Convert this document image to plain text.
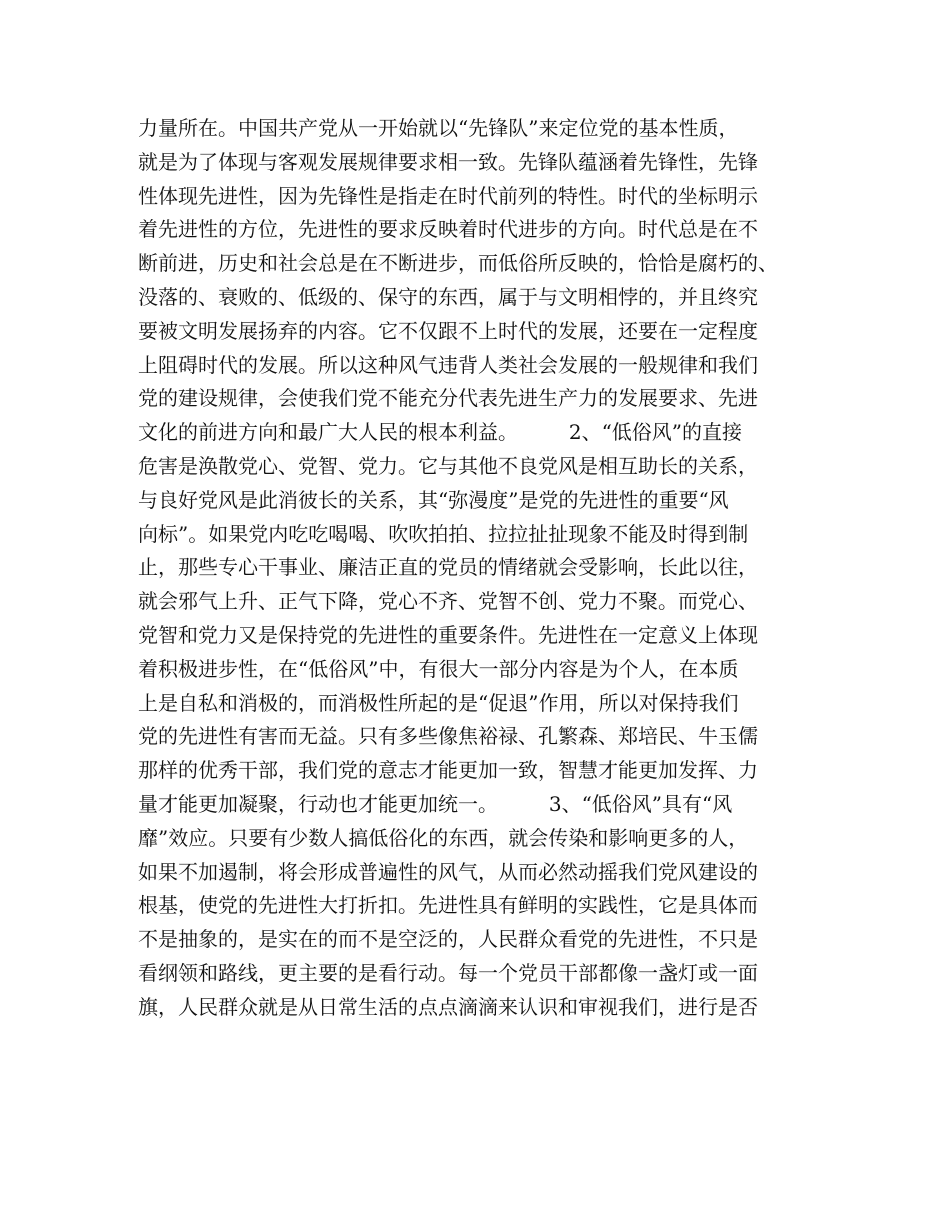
力量所在。中国共产党从一开始就以“先锋队”来定位党的基本性质，
就是为了体现与客观发展规律要求相一致。先锋队蕴涵着先锋性，先锋
性体现先进性，因为先锋性是指走在时代前列的特性。时代的坐标明示
着先进性的方位，先进性的要求反映着时代进步的方向。时代总是在不
断前进，历史和社会总是在不断进步，而低俗所反映的，恰恰是腐朽的、
没落的、衰败的、低级的、保守的东西，属于与文明相悖的，并且终究
要被文明发展扬弃的内容。它不仅跟不上时代的发展，还要在一定程度
上阻碍时代的发展。所以这种风气违背人类社会发展的一般规律和我们
党的建设规律，会使我们党不能充分代表先进生产力的发展要求、先进
文化的前进方向和最广大人民的根本利益。        2、“低俗风”的直接
危害是涣散党心、党智、党力。它与其他不良党风是相互助长的关系，
与良好党风是此消彼长的关系，其“弥漫度”是党的先进性的重要“风
向标”。如果党内吃吃喝喝、吹吹拍拍、拉拉扯扯现象不能及时得到制
止，那些专心干事业、廉洁正直的党员的情绪就会受影响，长此以往，
就会邪气上升、正气下降，党心不齐、党智不创、党力不聚。而党心、
党智和党力又是保持党的先进性的重要条件。先进性在一定意义上体现
着积极进步性，在“低俗风”中，有很大一部分内容是为个人，在本质
上是自私和消极的，而消极性所起的是“促退”作用，所以对保持我们
党的先进性有害而无益。只有多些像焦裕禄、孔繁森、郑培民、牛玉儒
那样的优秀干部，我们党的意志才能更加一致，智慧才能更加发挥、力
量才能更加凝聚，行动也才能更加统一。        3、“低俗风”具有“风
靡”效应。只要有少数人搞低俗化的东西，就会传染和影响更多的人，
如果不加遏制，将会形成普遍性的风气，从而必然动摇我们党风建设的
根基，使党的先进性大打折扣。先进性具有鲜明的实践性，它是具体而
不是抽象的，是实在的而不是空泛的，人民群众看党的先进性，不只是
看纲领和路线，更主要的是看行动。每一个党员干部都像一盏灯或一面
旗，人民群众就是从日常生活的点点滴滴来认识和审视我们，进行是否
